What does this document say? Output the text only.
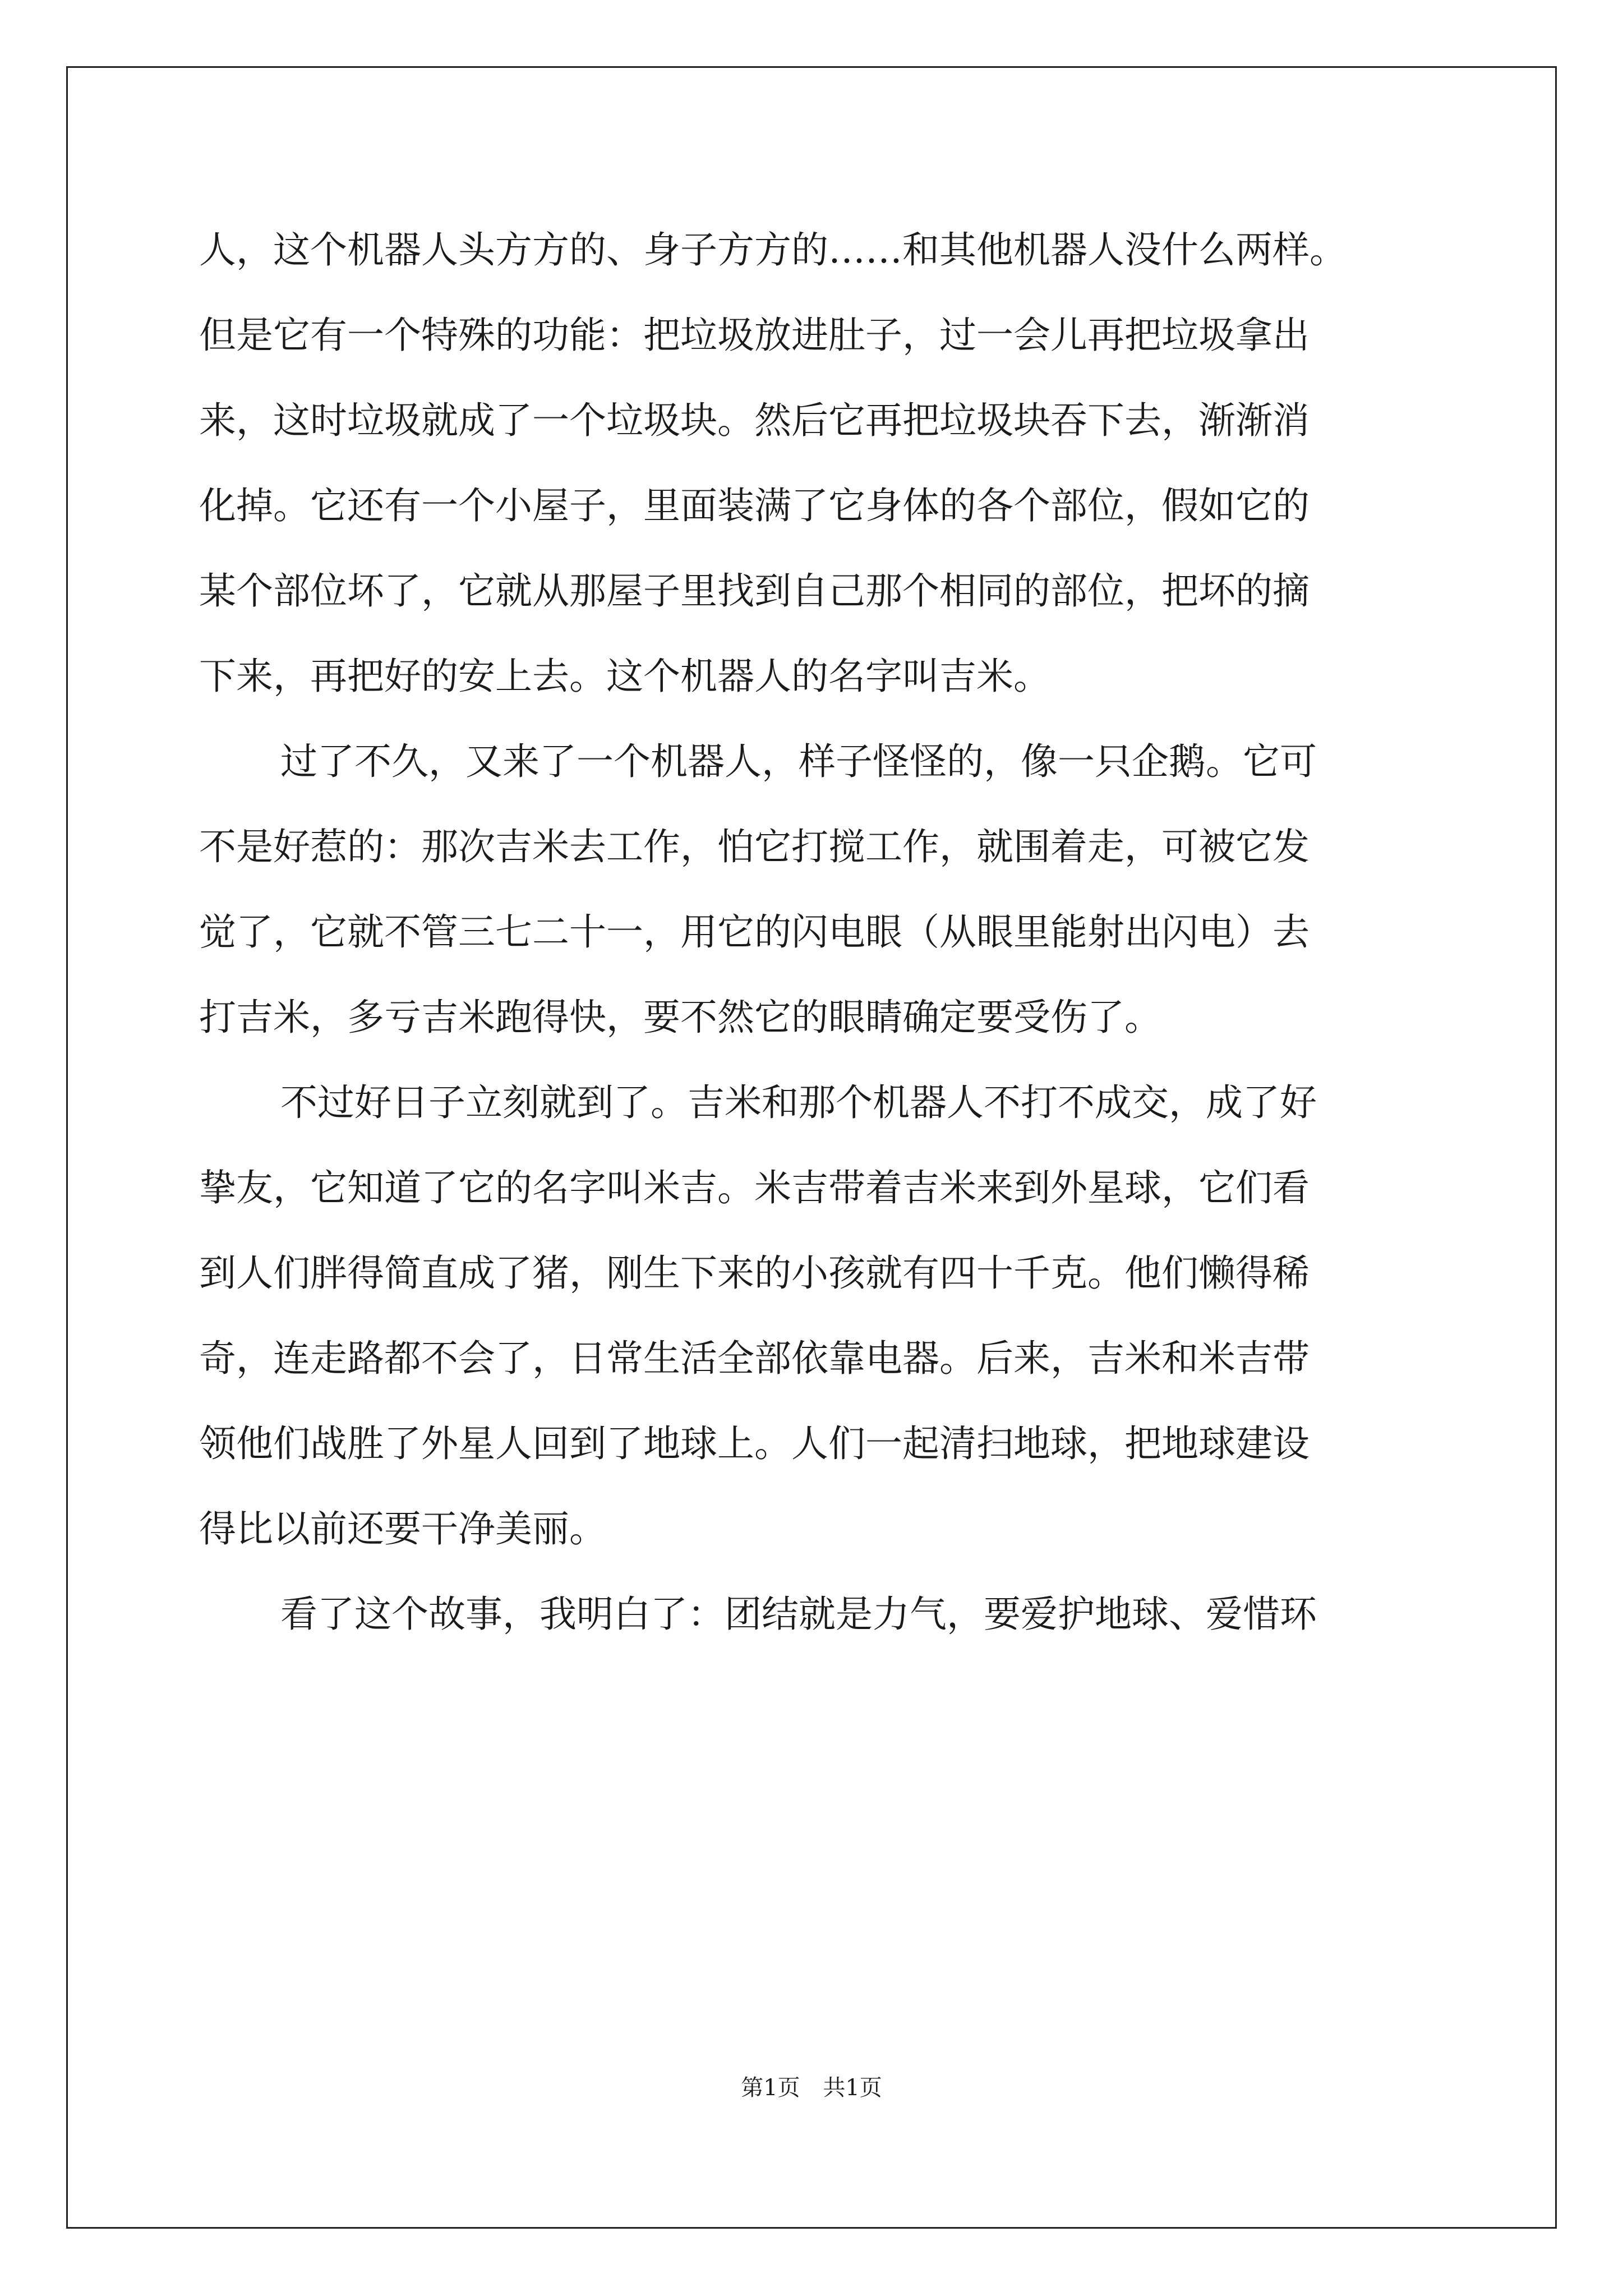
人，这个机器人头方方的、身子方方的……和其他机器人没什么两样。
但是它有一个特殊的功能：把垃圾放进肚子，过一会儿再把垃圾拿出
来，这时垃圾就成了一个垃圾块。然后它再把垃圾块吞下去，渐渐消
化掉。它还有一个小屋子，里面装满了它身体的各个部位，假如它的
某个部位坏了，它就从那屋子里找到自己那个相同的部位，把坏的摘
下来，再把好的安上去。这个机器人的名字叫吉米。
过了不久，又来了一个机器人，样子怪怪的，像一只企鹅。它可
不是好惹的：那次吉米去工作，怕它打搅工作，就围着走，可被它发
觉了，它就不管三七二十一，用它的闪电眼（从眼里能射出闪电）去
打吉米，多亏吉米跑得快，要不然它的眼睛确定要受伤了。
不过好日子立刻就到了。吉米和那个机器人不打不成交，成了好
挚友，它知道了它的名字叫米吉。米吉带着吉米来到外星球，它们看
到人们胖得简直成了猪，刚生下来的小孩就有四十千克。他们懒得稀
奇，连走路都不会了，日常生活全部依靠电器。后来，吉米和米吉带
领他们战胜了外星人回到了地球上。人们一起清扫地球，把地球建设
得比以前还要干净美丽。
看了这个故事，我明白了：团结就是力气，要爱护地球、爱惜环
第1页 共1页
